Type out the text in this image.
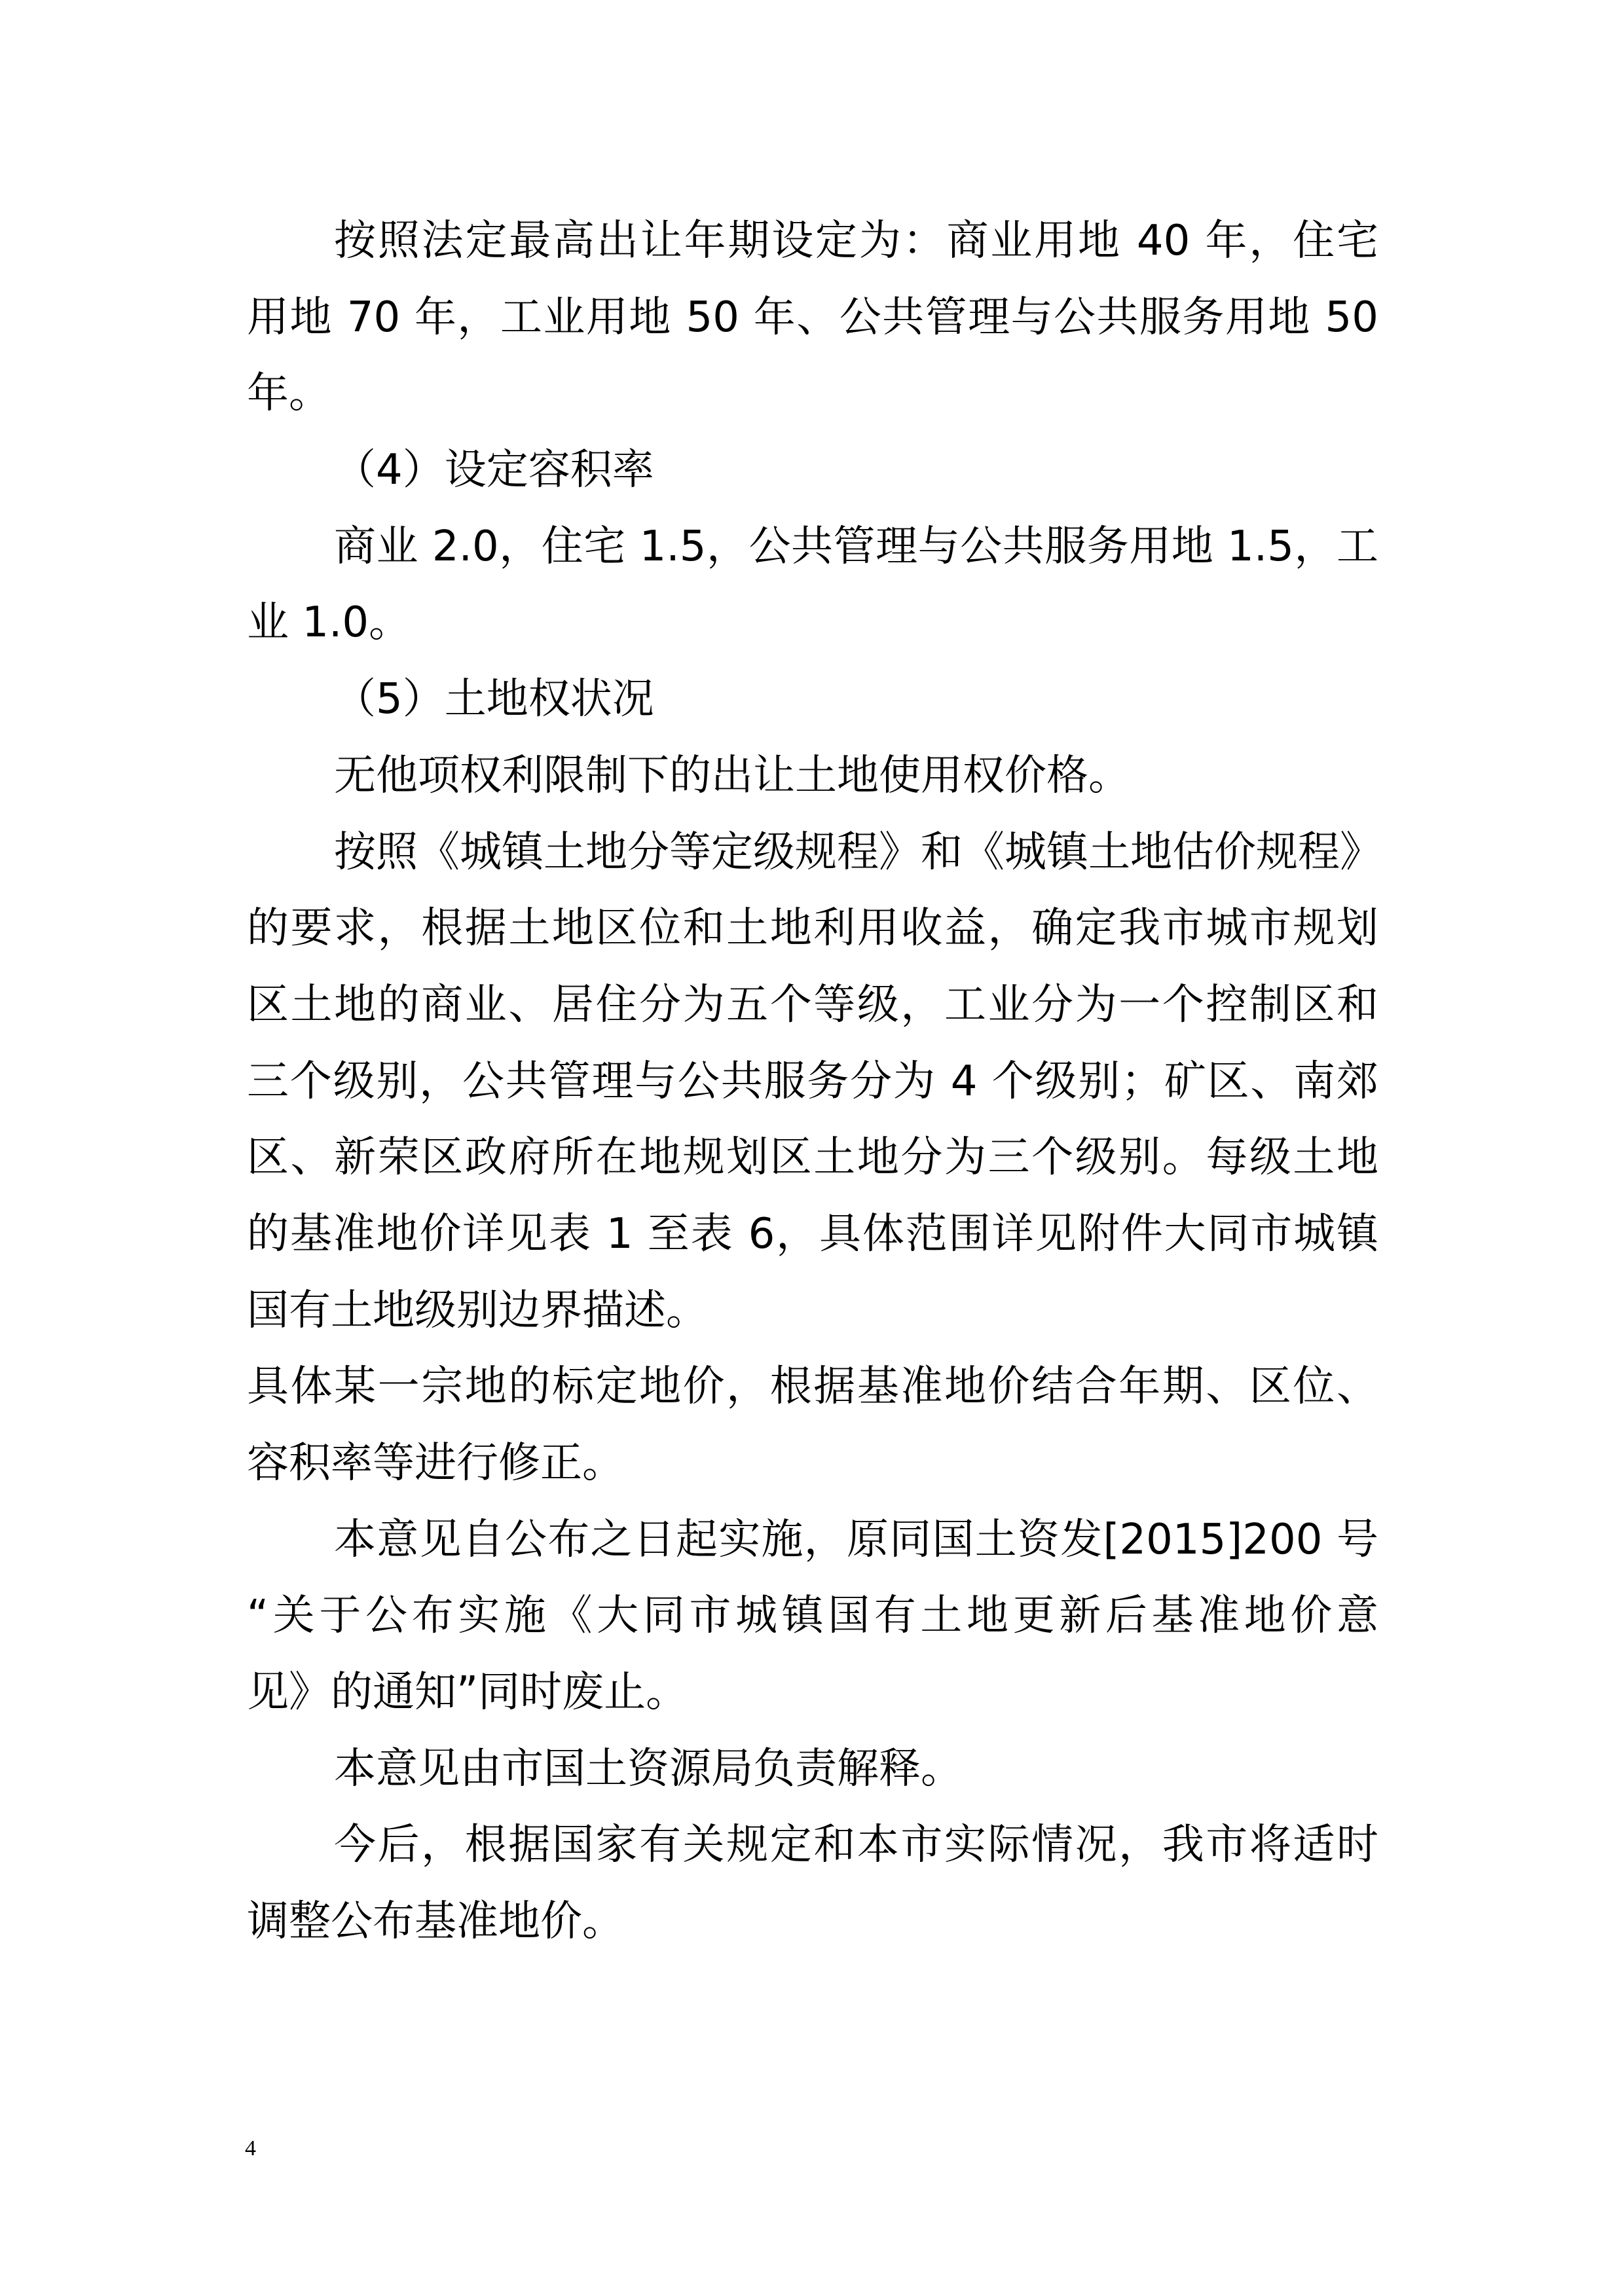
按照法定最高出让年期设定为：商业用地 40 年，住宅
用地 70 年，工业用地 50 年、公共管理与公共服务用地 50
年。
（4）设定容积率
商业 2.0，住宅 1.5，公共管理与公共服务用地 1.5，工
业 1.0。
（5）土地权状况
无他项权利限制下的出让土地使用权价格。
按照《城镇土地分等定级规程》和《城镇土地估价规程》
的要求，根据土地区位和土地利用收益，确定我市城市规划
区土地的商业、居住分为五个等级，工业分为一个控制区和
三个级别，公共管理与公共服务分为 4 个级别；矿区、南郊
区、新荣区政府所在地规划区土地分为三个级别。每级土地
的基准地价详见表 1 至表 6，具体范围详见附件大同市城镇
国有土地级别边界描述。
具体某一宗地的标定地价，根据基准地价结合年期、区位、
容积率等进行修正。
本意见自公布之日起实施，原同国土资发[2015]200 号
“关于公布实施《大同市城镇国有土地更新后基准地价意
见》的通知”同时废止。
本意见由市国土资源局负责解释。
今后，根据国家有关规定和本市实际情况，我市将适时
调整公布基准地价。
4
